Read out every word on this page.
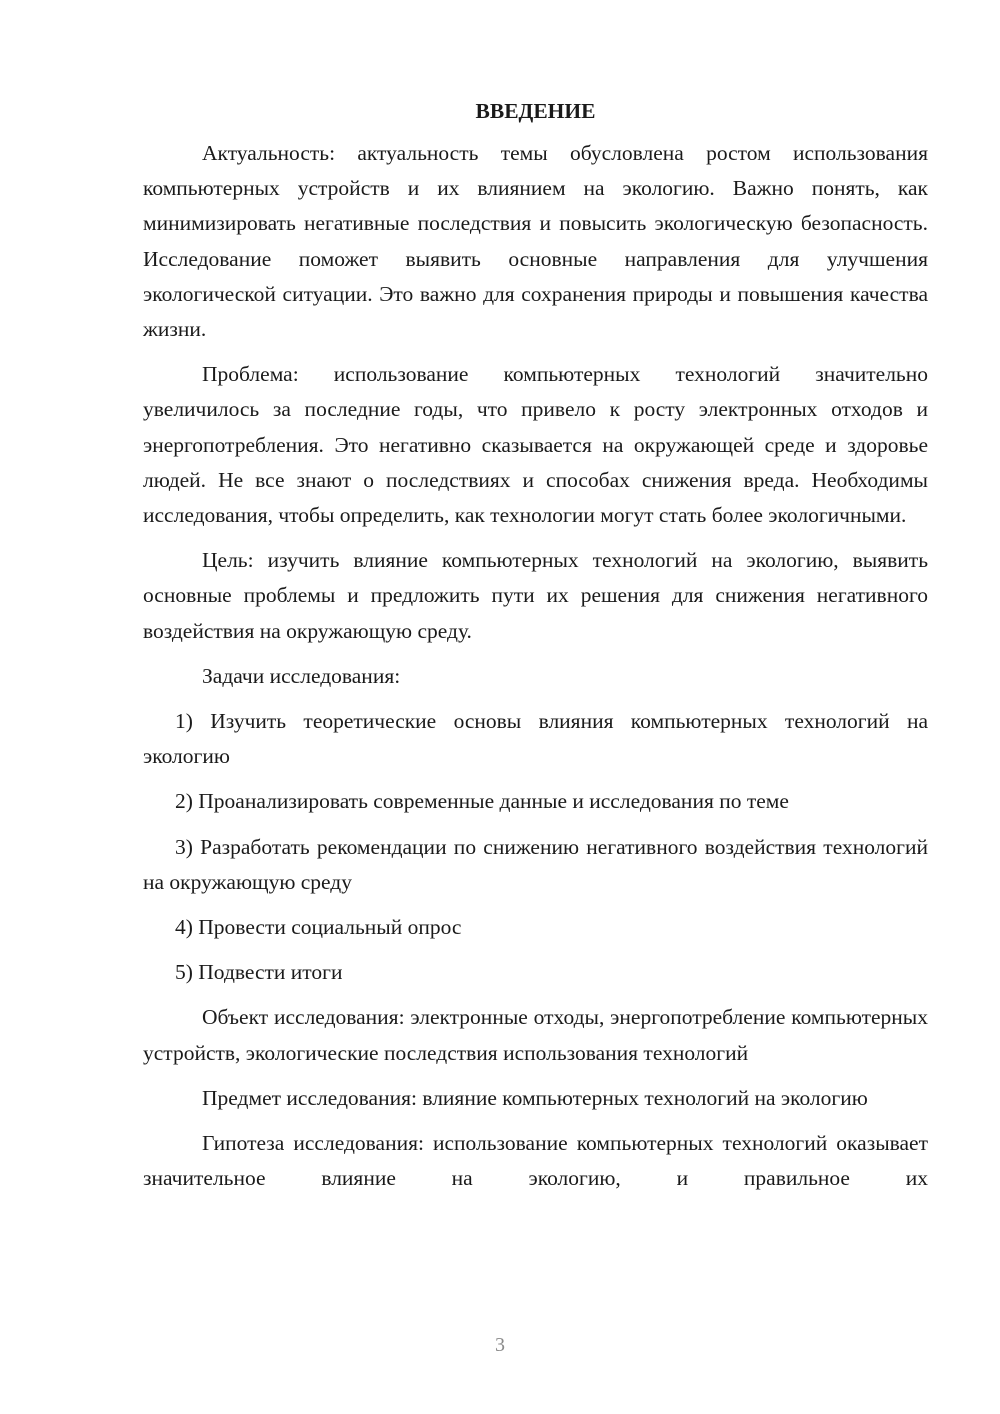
ВВЕДЕНИЕ

Актуальность: актуальность темы обусловлена ростом использования компьютерных устройств и их влиянием на экологию. Важно понять, как минимизировать негативные последствия и повысить экологическую безопасность. Исследование поможет выявить основные направления для улучшения экологической ситуации. Это важно для сохранения природы и повышения качества жизни.

Проблема: использование компьютерных технологий значительно увеличилось за последние годы, что привело к росту электронных отходов и энергопотребления. Это негативно сказывается на окружающей среде и здоровье людей. Не все знают о последствиях и способах снижения вреда. Необходимы исследования, чтобы определить, как технологии могут стать более экологичными.

Цель: изучить влияние компьютерных технологий на экологию, выявить основные проблемы и предложить пути их решения для снижения негативного воздействия на окружающую среду.

Задачи исследования:

1) Изучить теоретические основы влияния компьютерных технологий на экологию

2) Проанализировать современные данные и исследования по теме

3) Разработать рекомендации по снижению негативного воздействия технологий на окружающую среду

4) Провести социальный опрос

5) Подвести итоги

Объект исследования: электронные отходы, энергопотребление компьютерных устройств, экологические последствия использования технологий

Предмет исследования: влияние компьютерных технологий на экологию

Гипотеза исследования: использование компьютерных технологий оказывает значительное влияние на экологию, и правильное их

3
